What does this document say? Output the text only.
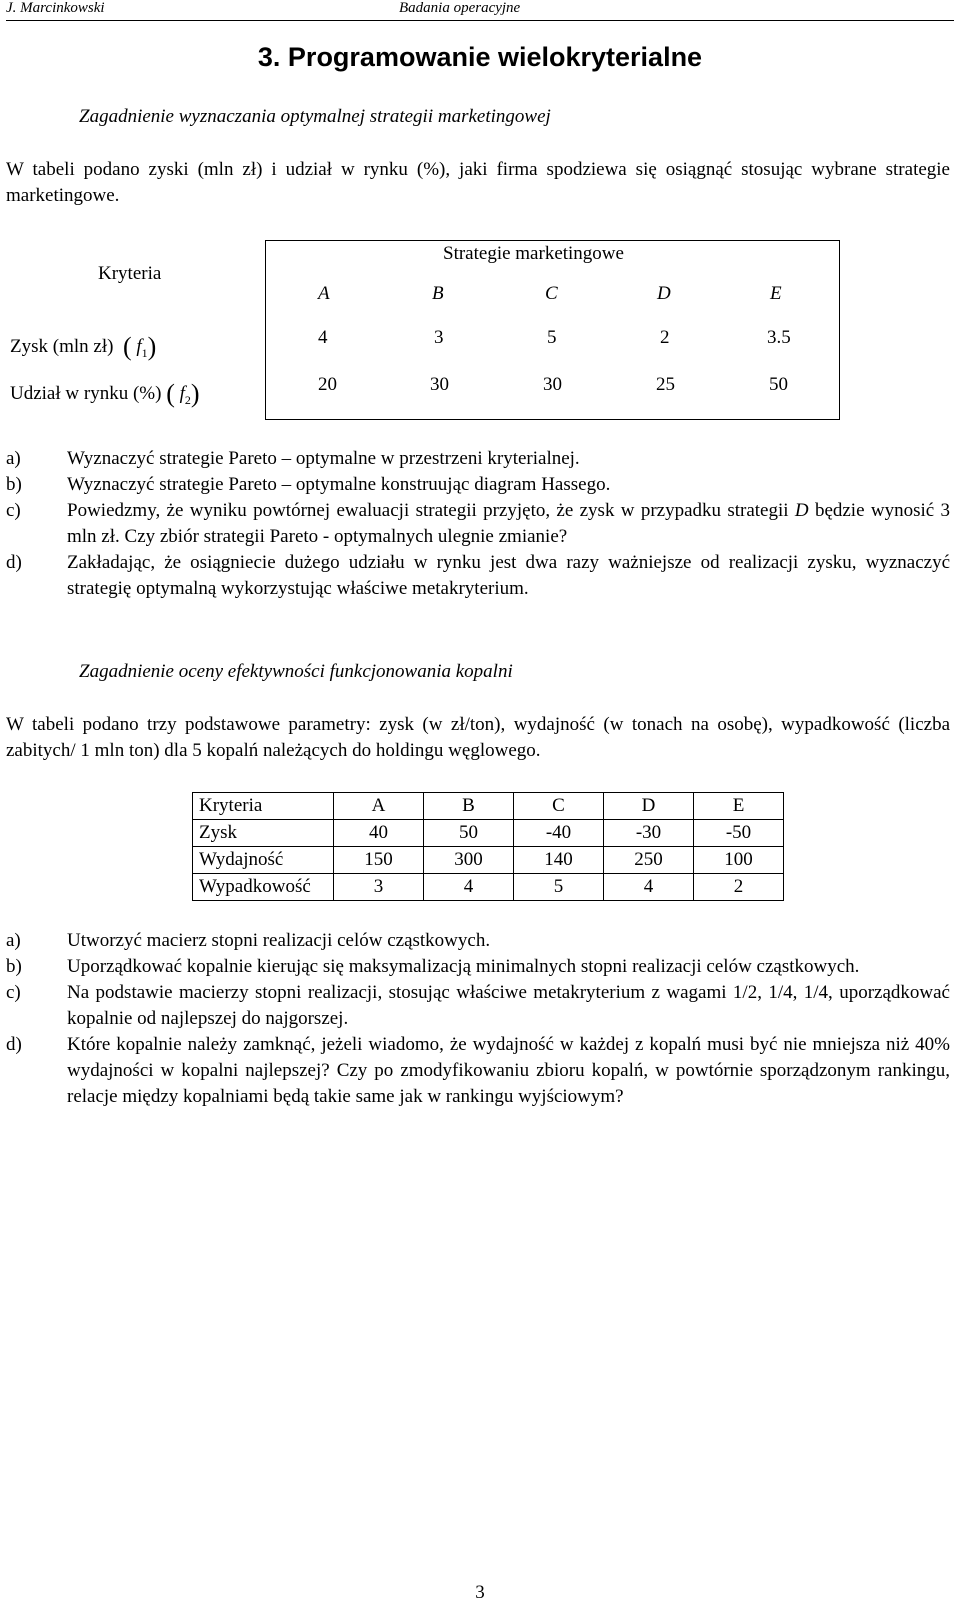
J. Marcinkowski	Badania operacyjne
3. Programowanie wielokryterialne
Zagadnienie wyznaczania optymalnej strategii marketingowej
W tabeli podano zyski (mln zł) i udział w rynku (%), jaki firma spodziewa się osiągnąć stosując wybrane strategie marketingowe.
Kryteria
Strategie marketingowe
A	B	C	D	E
Zysk (mln zł) ( $f_1$)	4	3	5	2	3.5
Udział w rynku (%) ( $f_2$)	20	30	30	25	50
a) Wyznaczyć strategie Pareto – optymalne w przestrzeni kryterialnej.
b) Wyznaczyć strategie Pareto – optymalne konstruując diagram Hassego.
c) Powiedzmy, że wyniku powtórnej ewaluacji strategii przyjęto, że zysk w przypadku strategii D będzie wynosić 3 mln zł. Czy zbiór strategii Pareto - optymalnych ulegnie zmianie?
d) Zakładając, że osiągniecie dużego udziału w rynku jest dwa razy ważniejsze od realizacji zysku, wyznaczyć strategię optymalną wykorzystując właściwe metakryterium.
Zagadnienie oceny efektywności funkcjonowania kopalni
W tabeli podano trzy podstawowe parametry: zysk (w zł/ton), wydajność (w tonach na osobę), wypadkowość (liczba zabitych/ 1 mln ton) dla 5 kopalń należących do holdingu węglowego.
Kryteria	A	B	C	D	E
Zysk	40	50	-40	-30	-50
Wydajność	150	300	140	250	100
Wypadkowość	3	4	5	4	2
a) Utworzyć macierz stopni realizacji celów cząstkowych.
b) Uporządkować kopalnie kierując się maksymalizacją minimalnych stopni realizacji celów cząstkowych.
c) Na podstawie macierzy stopni realizacji, stosując właściwe metakryterium z wagami 1/2, 1/4, 1/4, uporządkować kopalnie od najlepszej do najgorszej.
d) Które kopalnie należy zamknąć, jeżeli wiadomo, że wydajność w każdej z kopalń musi być nie mniejsza niż 40% wydajności w kopalni najlepszej? Czy po zmodyfikowaniu zbioru kopalń, w powtórnie sporządzonym rankingu, relacje między kopalniami będą takie same jak w rankingu wyjściowym?
3
